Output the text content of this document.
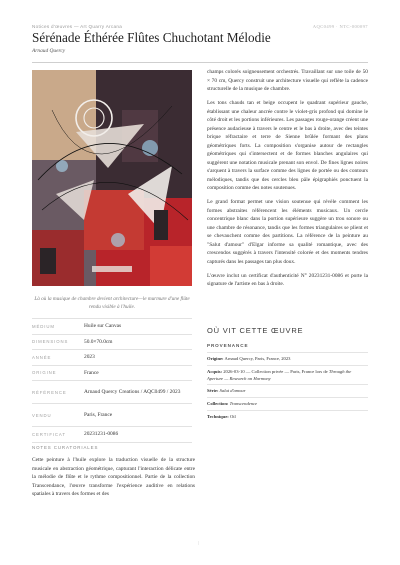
Notices d'œuvres — Art Quarry Arcana	AQC0499 · NTC-000097
Sérénade Éthérée Flûtes Chuchotant Mélodie
Arnaud Quercy
Là où la musique de chambre devient architecture—le murmure d'une flûte rendu visible à l'huile.
MÉDIUM	Huile sur Canvas
DIMENSIONS	50.0×70.0cm
ANNÉE	2023
ORIGINE	France
RÉFÉRENCE	Arnaud Quercy Creations / AQC0499 / 2023
VENDU	Paris, France
CERTIFICAT	20231231-0086
NOTES CURATORIALES
Cette peinture à l'huile explore la traduction visuelle de la structure musicale en abstraction géométrique, capturant l'interaction délicate entre la mélodie de flûte et le rythme compositionnel. Partie de la collection Transcendance, l'œuvre transforme l'expérience auditive en relations spatiales à travers des formes et des

champs colorés soigneusement orchestrés. Travaillant sur une toile de 50 × 70 cm, Quercy construit une architecture visuelle qui reflète la cadence structurelle de la musique de chambre.

Les tons chauds tan et beige occupent le quadrant supérieur gauche, établissant une chaleur ancrée contre le violet-gris profond qui domine le côté droit et les portions inférieures. Les passages rouge-orange créent une présence audacieuse à travers le centre et le bas à droite, avec des teintes brique réfractaire et terre de Sienne brûlée formant des plans géométriques forts. La composition s'organise autour de rectangles géométriques qui s'intersectent et de formes blanches angulaires qui suggèrent une notation musicale prenant son envol. De fines lignes noires s'arquent à travers la surface comme des lignes de portée ou des contours mélodiques, tandis que des cercles bleu pâle épigraphiés ponctuent la composition comme des notes soutenues.

Le grand format permet une vision soutenue qui révèle comment les formes abstraites référencent les éléments musicaux. Un cercle concentrique blanc dans la portion supérieure suggère un trou sonore ou une chambre de résonance, tandis que les formes triangulaires se plient et se chevauchent comme des partitions. La référence de la peinture au "Salut d'amour" d'Elgar informe sa qualité romantique, avec des crescendos suggérés à travers l'intensité colorée et des moments tendres capturés dans les passages tan plus doux.

L'œuvre inclut un certificat d'authenticité N° 20231231-0086 et porte la signature de l'artiste en bas à droite.

OÙ VIT CETTE ŒUVRE
PROVENANCE
Origine: Arnaud Quercy, Paris, France, 2023
Acquis: 2026-03-10 — Collection privée — Paris, France lors de Through the Aperture — Research on Harmony
Série: Salut d'amour
Collection: Transcendence
Technique: Oil
|
